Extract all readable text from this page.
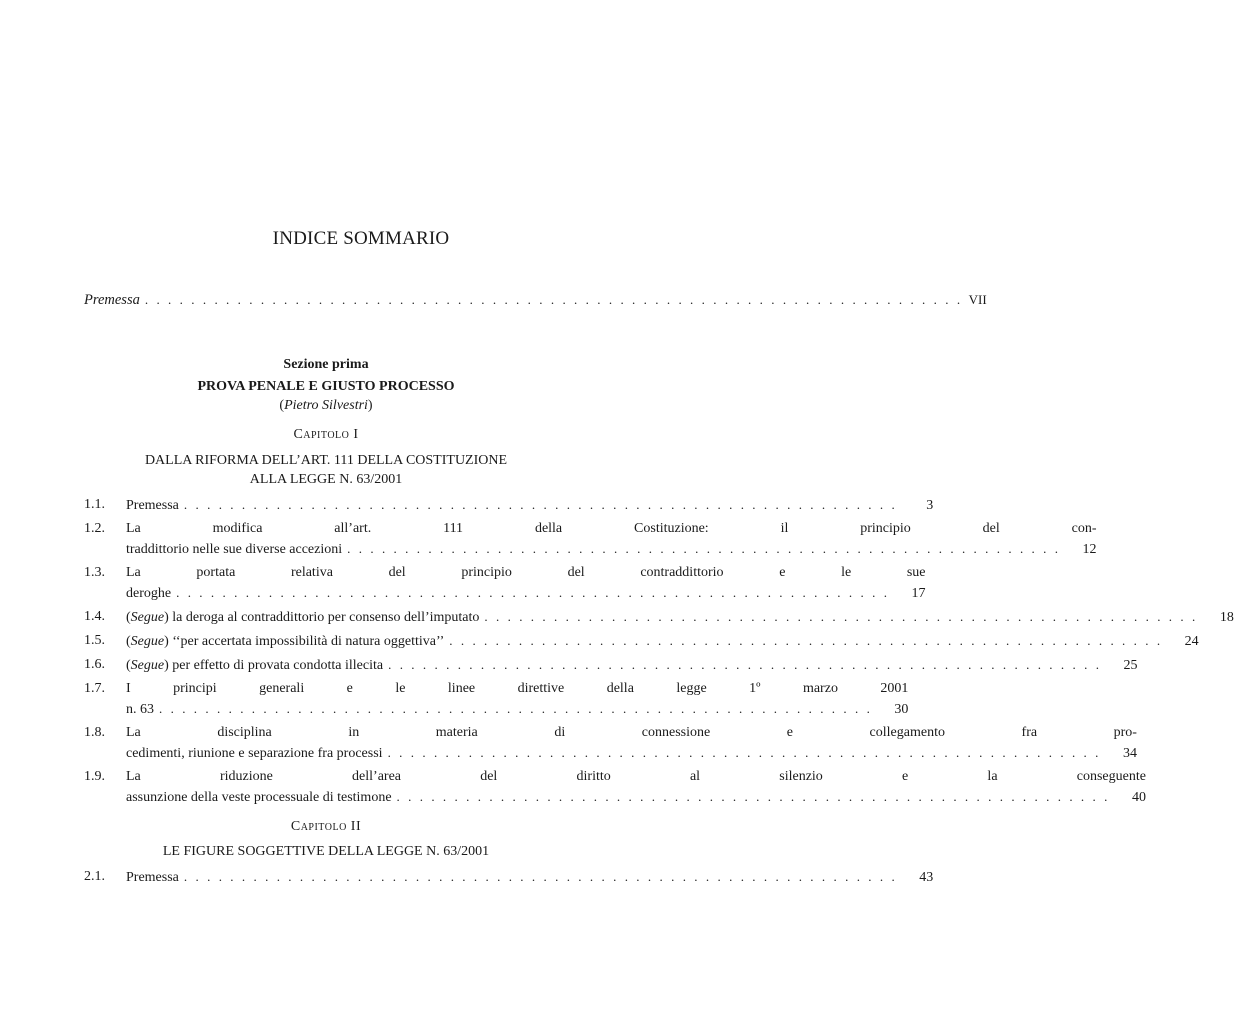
INDICE SOMMARIO
Premessa . . . . . . . . . . . . . . . . . . . . . . . . . . . . . . . . . . . . . . . . . . . . . . . . . . . . . . . . . . . . . . . . . . . . . . . VII
Sezione prima
PROVA PENALE E GIUSTO PROCESSO
(Pietro Silvestri)
Capitolo I
DALLA RIFORMA DELL’ART. 111 DELLA COSTITUZIONE
ALLA LEGGE N. 63/2001
1.1.	Premessa . . . . . . . . . . . . . . . . . . . . . . . . . . . . . . . . . . . . . . . . . . . . . . . . . . . . . . . . . . . . . .	3
1.2.	La modifica all’art. 111 della Costituzione: il principio del con-
traddittorio nelle sue diverse accezioni . . . . . . . . . . . . . . . . . . . . . . . . . . . . . . . . . . . . . . . . . . . . . . . . . . . . . . . . . . . . . .	12
1.3.	La portata relativa del principio del contraddittorio e le sue
deroghe . . . . . . . . . . . . . . . . . . . . . . . . . . . . . . . . . . . . . . . . . . . . . . . . . . . . . . . . . . . . . .	17
1.4.	(Segue) la deroga al contraddittorio per consenso dell’imputato . . . . . . . . . . . . . . . . . . . . . . . . . . . . . . . . . . . . . . . . . . . . . . . . . . . . . . . . . . . . . .	18
1.5.	(Segue) ‘‘per accertata impossibilità di natura oggettiva’’ . . . . . . . . . . . . . . . . . . . . . . . . . . . . . . . . . . . . . . . . . . . . . . . . . . . . . . . . . . . . . .	24
1.6.	(Segue) per effetto di provata condotta illecita . . . . . . . . . . . . . . . . . . . . . . . . . . . . . . . . . . . . . . . . . . . . . . . . . . . . . . . . . . . . . .	25
1.7.	I principi generali e le linee direttive della legge 1º marzo 2001
n. 63 . . . . . . . . . . . . . . . . . . . . . . . . . . . . . . . . . . . . . . . . . . . . . . . . . . . . . . . . . . . . . .	30
1.8.	La disciplina in materia di connessione e collegamento fra pro-
cedimenti, riunione e separazione fra processi . . . . . . . . . . . . . . . . . . . . . . . . . . . . . . . . . . . . . . . . . . . . . . . . . . . . . . . . . . . . . .	34
1.9.	La riduzione dell’area del diritto al silenzio e la conseguente
assunzione della veste processuale di testimone . . . . . . . . . . . . . . . . . . . . . . . . . . . . . . . . . . . . . . . . . . . . . . . . . . . . . . . . . . . . . .	40
Capitolo II
LE FIGURE SOGGETTIVE DELLA LEGGE N. 63/2001
2.1.	Premessa . . . . . . . . . . . . . . . . . . . . . . . . . . . . . . . . . . . . . . . . . . . . . . . . . . . . . . . . . . . . . .	43
